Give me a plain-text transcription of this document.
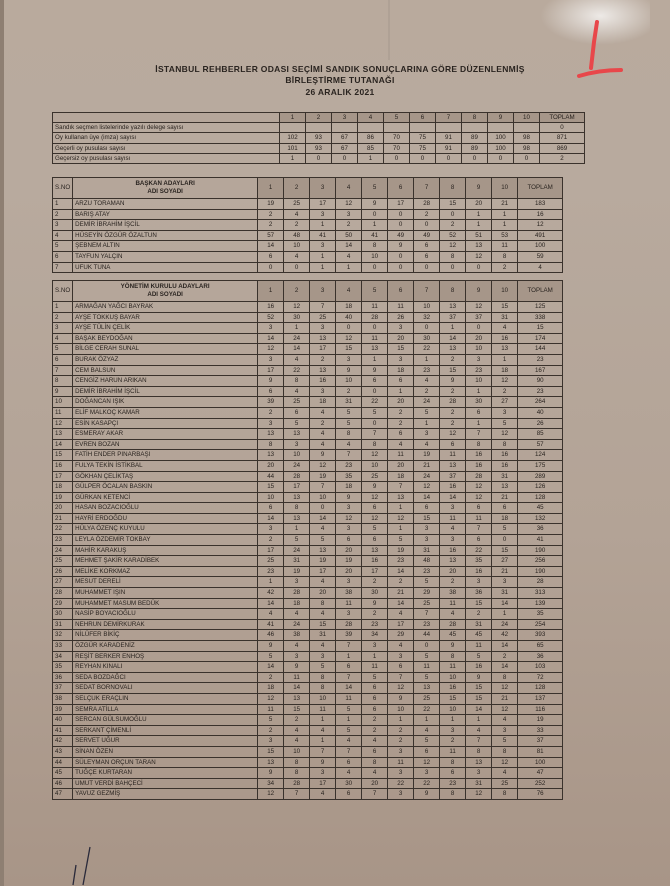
İSTANBUL REHBERLER ODASI SEÇİMİ SANDIK SONUÇLARINA GÖRE DÜZENLENMİŞ
BİRLEŞTİRME TUTANAĞI
26 ARALIK 2021
	1	2	3	4	5	6	7	8	9	10	TOPLAM
Sandık seçmen listelerinde yazılı delege sayısı											0
Oy kullanan üye (imza) sayısı	102	93	67	86	70	75	91	89	100	98	871
Geçerli oy pusulası sayısı	101	93	67	85	70	75	91	89	100	98	869
Geçersiz oy pusulası sayısı	1	0	0	1	0	0	0	0	0	0	2
S.NO	BAŞKAN ADAYLARI
ADI SOYADI	1	2	3	4	5	6	7	8	9	10	TOPLAM
1	ARZU TORAMAN	19	25	17	12	9	17	28	15	20	21	183
2	BARIŞ ATAY	2	4	3	3	0	0	2	0	1	1	16
3	DEMİR İBRAHİM İŞCİL	2	2	1	2	1	0	0	2	1	1	12
4	HÜSEYİN ÖZGÜR ÖZALTUN	57	48	41	50	41	49	49	52	51	53	491
5	ŞEBNEM ALTIN	14	10	3	14	8	9	6	12	13	11	100
6	TAYFUN YALÇIN	6	4	1	4	10	0	6	8	12	8	59
7	UFUK TUNA	0	0	1	1	0	0	0	0	0	2	4
S.NO	YÖNETİM KURULU ADAYLARI
ADI SOYADI	1	2	3	4	5	6	7	8	9	10	TOPLAM
1	ARMAĞAN YAĞCI BAYRAK	16	12	7	18	11	11	10	13	12	15	125
2	AYŞE TOKKUŞ BAYAR	52	30	25	40	28	26	32	37	37	31	338
3	AYŞE TÜLİN ÇELİK	3	1	3	0	0	3	0	1	0	4	15
4	BAŞAK BEYDOĞAN	14	24	13	12	11	20	30	14	20	16	174
5	BİLGE CERAH SUNAL	12	14	17	15	13	15	22	13	10	13	144
6	BURAK ÖZYAZ	3	4	2	3	1	3	1	2	3	1	23
7	CEM BALSUN	17	22	13	9	9	18	23	15	23	18	167
8	CENGİZ HARUN ARIKAN	9	8	16	10	6	6	4	9	10	12	90
9	DEMİR İBRAHİM İŞCİL	6	4	3	2	0	1	2	2	1	2	23
10	DOĞANCAN IŞIK	39	25	18	31	22	20	24	28	30	27	264
11	ELİF MALKOÇ KAMAR	2	6	4	5	5	2	5	2	6	3	40
12	ESİN KASAPÇI	3	5	2	5	0	2	1	2	1	5	26
13	ESMERAY AKAR	13	13	4	8	7	6	3	12	7	12	85
14	EVREN BOZAN	8	3	4	4	8	4	4	6	8	8	57
15	FATİH ENDER PINARBAŞI	13	10	9	7	12	11	19	11	16	16	124
16	FULYA TEKİN İSTİKBAL	20	24	12	23	10	20	21	13	16	16	175
17	GÖKHAN ÇELİKTAŞ	44	28	19	35	25	18	24	37	28	31	289
18	GÜLPER ÖCALAN BASKIN	15	17	7	18	9	7	12	16	12	13	126
19	GÜRKAN KETENCİ	10	13	10	9	12	13	14	14	12	21	128
20	HASAN BOZACIOĞLU	6	8	0	3	6	1	6	3	6	6	45
21	HAYRİ ERDOĞDU	14	13	14	12	12	12	15	11	11	18	132
22	HÜLYA ÖZENÇ KUYULU	3	1	4	3	5	1	3	4	7	5	36
23	LEYLA ÖZDEMİR TOKBAY	2	5	5	6	6	5	3	3	6	0	41
24	MAHİR KARAKUŞ	17	24	13	20	13	19	31	16	22	15	190
25	MEHMET ŞAKİR KARADİBEK	25	31	19	19	16	23	48	13	35	27	256
26	MELİKE KORKMAZ	23	19	17	20	17	14	23	20	16	21	190
27	MESUT DERELİ	1	3	4	3	2	2	5	2	3	3	28
28	MUHAMMET IŞIN	42	28	20	38	30	21	29	38	36	31	313
29	MUHAMMET MASUM BEDÜK	14	18	8	11	9	14	25	11	15	14	139
30	NASİP BOYACIOĞLU	4	4	4	3	2	4	7	4	2	1	35
31	NEHRUN DEMİRKURAK	41	24	15	28	23	17	23	28	31	24	254
32	NİLÜFER BİKİÇ	46	38	31	39	34	29	44	45	45	42	393
33	ÖZGÜR KARADENİZ	9	4	4	7	3	4	0	9	11	14	65
34	REŞİT BERKER ENHOŞ	5	3	3	1	1	3	5	8	5	2	36
35	REYHAN KINALI	14	9	5	6	11	6	11	11	16	14	103
36	SEDA BOZDAĞCI	2	11	8	7	5	7	5	10	9	8	72
37	SEDAT BORNOVALI	18	14	8	14	6	12	13	16	15	12	128
38	SELÇUK ERAÇLIN	12	13	10	11	6	9	25	15	15	21	137
39	SEMRA ATİLLA	11	15	11	5	6	10	22	10	14	12	116
40	SERCAN GÜLSUMOĞLU	5	2	1	1	2	1	1	1	1	4	19
41	SERKANT ÇİMENLİ	2	4	4	5	2	2	4	3	4	3	33
42	SERVET UĞUR	3	4	1	4	4	2	5	2	7	5	37
43	SİNAN ÖZEN	15	10	7	7	6	3	6	11	8	8	81
44	SÜLEYMAN ORÇUN TARAN	13	8	9	6	8	11	12	8	13	12	100
45	TUĞÇE KURTARAN	9	8	3	4	4	3	3	6	3	4	47
46	UMUT VERDİ BAHÇECİ	34	28	17	30	20	22	22	23	31	25	252
47	YAVUZ GEZMİŞ	12	7	4	6	7	3	9	8	12	8	76
